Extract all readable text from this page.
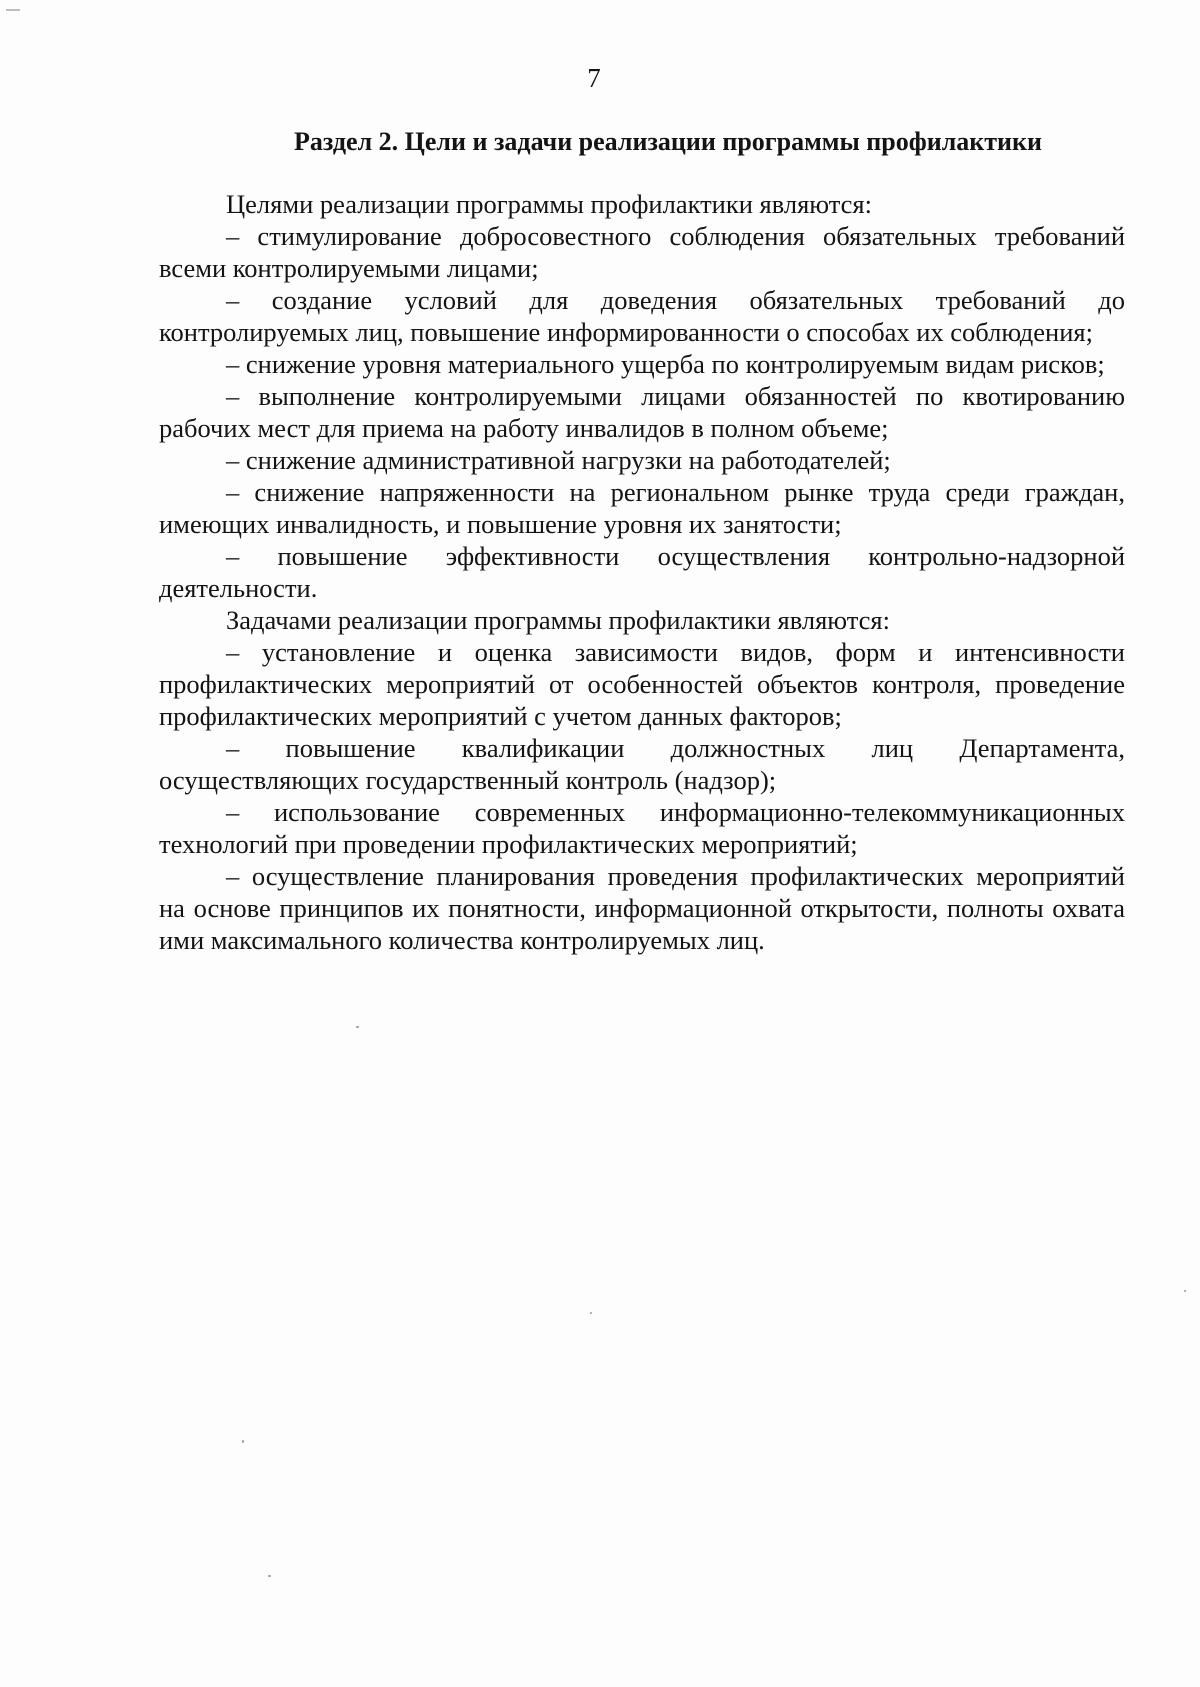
7
Раздел 2. Цели и задачи реализации программы профилактики

Целями реализации программы профилактики являются:

– стимулирование добросовестного соблюдения обязательных требований всеми контролируемыми лицами;

– создание условий для доведения обязательных требований до контролируемых лиц, повышение информированности о способах их соблюдения;

– снижение уровня материального ущерба по контролируемым видам рисков;

– выполнение контролируемыми лицами обязанностей по квотированию рабочих мест для приема на работу инвалидов в полном объеме;

– снижение административной нагрузки на работодателей;

– снижение напряженности на региональном рынке труда среди граждан, имеющих инвалидность, и повышение уровня их занятости;

– повышение эффективности осуществления контрольно-надзорной деятельности.

Задачами реализации программы профилактики являются:

– установление и оценка зависимости видов, форм и интенсивности профилактических мероприятий от особенностей объектов контроля, проведение профилактических мероприятий с учетом данных факторов;

– повышение квалификации должностных лиц Департамента, осуществляющих государственный контроль (надзор);

– использование современных информационно-телекоммуникационных технологий при проведении профилактических мероприятий;

– осуществление планирования проведения профилактических мероприятий на основе принципов их понятности, информационной открытости, полноты охвата ими максимального количества контролируемых лиц.
